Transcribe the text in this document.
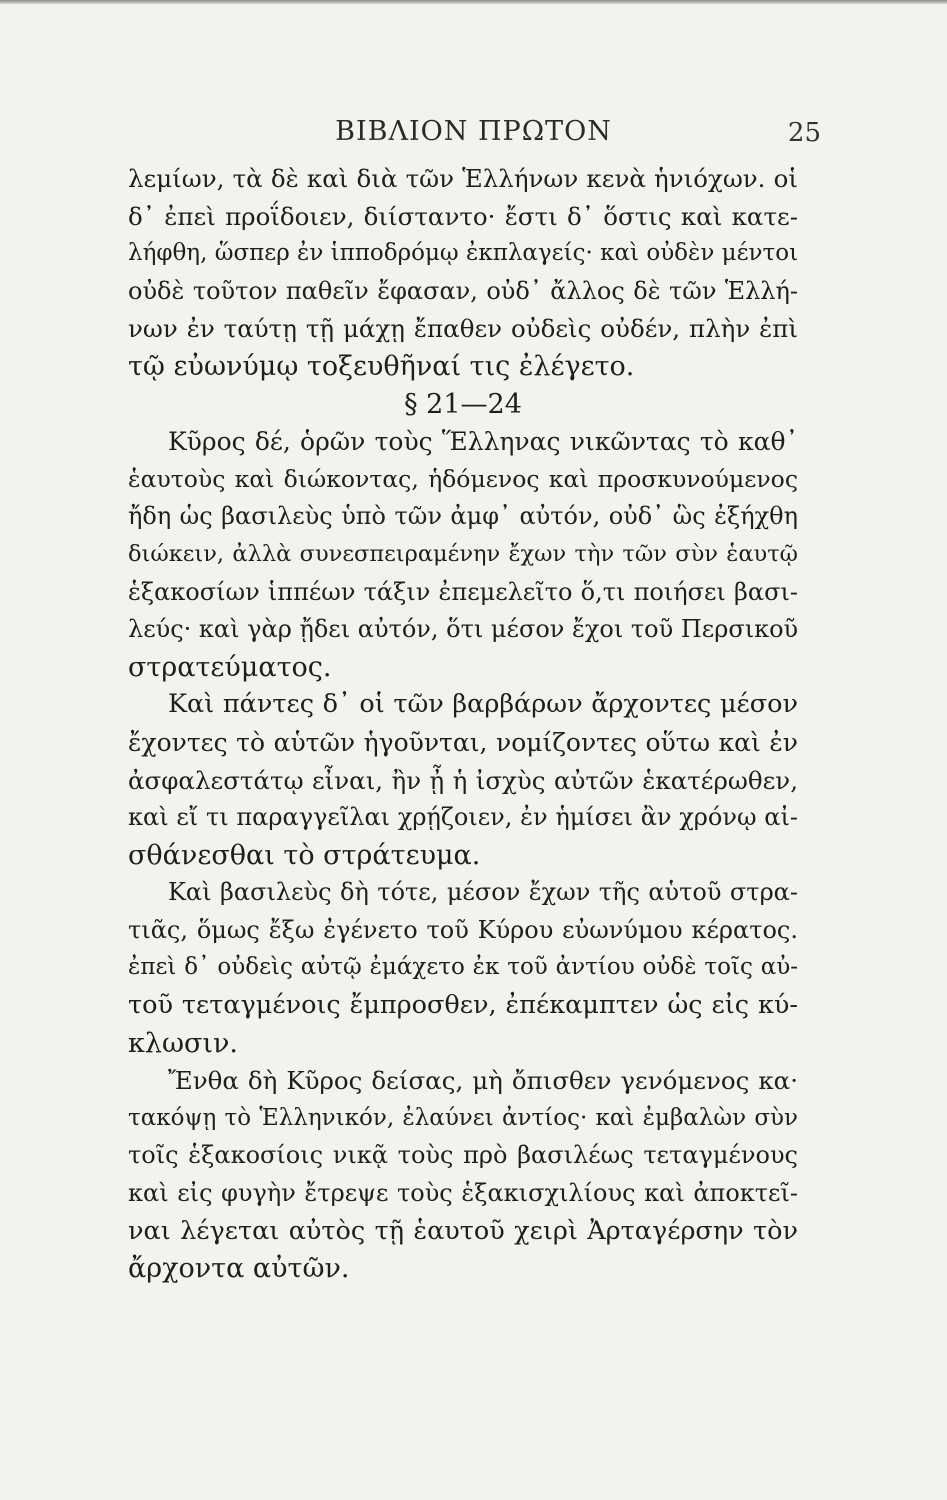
ΒΙΒΛΙΟΝ ΠΡΩΤΟΝ	25
λεμίων, τὰ δὲ καὶ διὰ τῶν Ἑλλήνων κενὰ ἡνιόχων. οἱ
δ᾽ ἐπεὶ προΐδοιεν, διίσταντο· ἔστι δ᾽ ὅστις καὶ κατε-
λήφθη, ὥσπερ ἐν ἱπποδρόμῳ ἐκπλαγείς· καὶ οὐδὲν μέντοι
οὐδὲ τοῦτον παθεῖν ἔφασαν, οὐδ᾽ ἄλλος δὲ τῶν Ἑλλή-
νων ἐν ταύτῃ τῇ μάχῃ ἔπαθεν οὐδεὶς οὐδέν, πλὴν ἐπὶ
τῷ εὐωνύμῳ τοξευθῆναί τις ἐλέγετο.
§ 21—24
Κῦρος δέ, ὁρῶν τοὺς Ἕλληνας νικῶντας τὸ καθ᾽
ἑαυτοὺς καὶ διώκοντας, ἡδόμενος καὶ προσκυνούμενος
ἤδη ὡς βασιλεὺς ὑπὸ τῶν ἀμφ᾽ αὐτόν, οὐδ᾽ ὣς ἐξήχθη
διώκειν, ἀλλὰ συνεσπειραμένην ἔχων τὴν τῶν σὺν ἑαυτῷ
ἑξακοσίων ἱππέων τάξιν ἐπεμελεῖτο ὅ,τι ποιήσει βασι-
λεύς· καὶ γὰρ ᾔδει αὐτόν, ὅτι μέσον ἔχοι τοῦ Περσικοῦ
στρατεύματος.
Καὶ πάντες δ᾽ οἱ τῶν βαρβάρων ἄρχοντες μέσον
ἔχοντες τὸ αὑτῶν ἡγοῦνται, νομίζοντες οὕτω καὶ ἐν
ἀσφαλεστάτῳ εἶναι, ἢν ᾖ ἡ ἰσχὺς αὐτῶν ἑκατέρωθεν,
καὶ εἴ τι παραγγεῖλαι χρῄζοιεν, ἐν ἡμίσει ἂν χρόνῳ αἰ-
σθάνεσθαι τὸ στράτευμα.
Καὶ βασιλεὺς δὴ τότε, μέσον ἔχων τῆς αὑτοῦ στρα-
τιᾶς, ὅμως ἔξω ἐγένετο τοῦ Κύρου εὐωνύμου κέρατος.
ἐπεὶ δ᾽ οὐδεὶς αὐτῷ ἐμάχετο ἐκ τοῦ ἀντίου οὐδὲ τοῖς αὐ-
τοῦ τεταγμένοις ἔμπροσθεν, ἐπέκαμπτεν ὡς εἰς κύ-
κλωσιν.
Ἔνθα δὴ Κῦρος δείσας, μὴ ὄπισθεν γενόμενος κα·
τακόψῃ τὸ Ἑλληνικόν, ἐλαύνει ἀντίος· καὶ ἐμβαλὼν σὺν
τοῖς ἑξακοσίοις νικᾷ τοὺς πρὸ βασιλέως τεταγμένους
καὶ εἰς φυγὴν ἔτρεψε τοὺς ἑξακισχιλίους καὶ ἀποκτεῖ-
ναι λέγεται αὐτὸς τῇ ἑαυτοῦ χειρὶ Ἀρταγέρσην τὸν
ἄρχοντα αὐτῶν.
